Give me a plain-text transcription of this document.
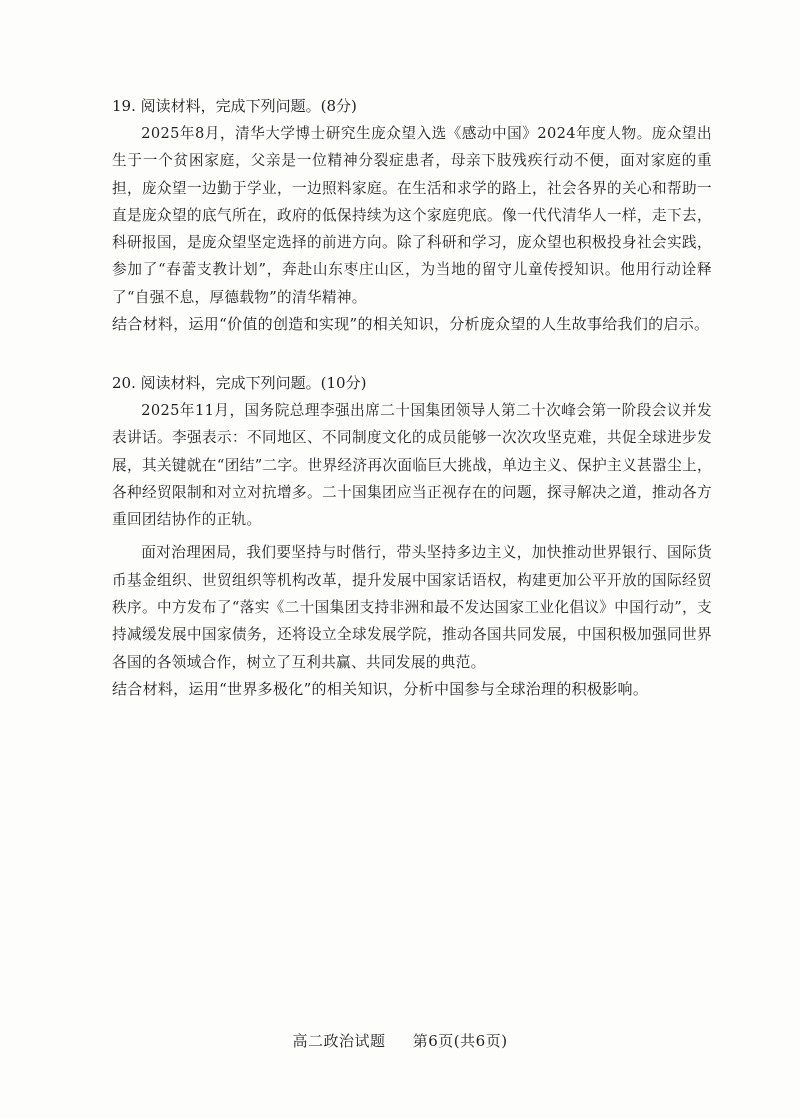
19. 阅读材料，完成下列问题。(8分)

2025年8月，清华大学博士研究生庞众望入选《感动中国》2024年度人物。庞众望出生于一个贫困家庭，父亲是一位精神分裂症患者，母亲下肢残疾行动不便，面对家庭的重担，庞众望一边勤于学业，一边照料家庭。在生活和求学的路上，社会各界的关心和帮助一直是庞众望的底气所在，政府的低保持续为这个家庭兜底。像一代代清华人一样，走下去，科研报国，是庞众望坚定选择的前进方向。除了科研和学习，庞众望也积极投身社会实践，参加了“春蕾支教计划”，奔赴山东枣庄山区，为当地的留守儿童传授知识。他用行动诠释了“自强不息，厚德载物”的清华精神。

结合材料，运用“价值的创造和实现”的相关知识，分析庞众望的人生故事给我们的启示。

20. 阅读材料，完成下列问题。(10分)

2025年11月，国务院总理李强出席二十国集团领导人第二十次峰会第一阶段会议并发表讲话。李强表示：不同地区、不同制度文化的成员能够一次次攻坚克难，共促全球进步发展，其关键就在“团结”二字。世界经济再次面临巨大挑战，单边主义、保护主义甚嚣尘上，各种经贸限制和对立对抗增多。二十国集团应当正视存在的问题，探寻解决之道，推动各方重回团结协作的正轨。

面对治理困局，我们要坚持与时偕行，带头坚持多边主义，加快推动世界银行、国际货币基金组织、世贸组织等机构改革，提升发展中国家话语权，构建更加公平开放的国际经贸秩序。中方发布了“落实《二十国集团支持非洲和最不发达国家工业化倡议》中国行动”，支持减缓发展中国家债务，还将设立全球发展学院，推动各国共同发展，中国积极加强同世界各国的各领域合作，树立了互利共赢、共同发展的典范。

结合材料，运用“世界多极化”的相关知识，分析中国参与全球治理的积极影响。

高二政治试题 第6页(共6页)
